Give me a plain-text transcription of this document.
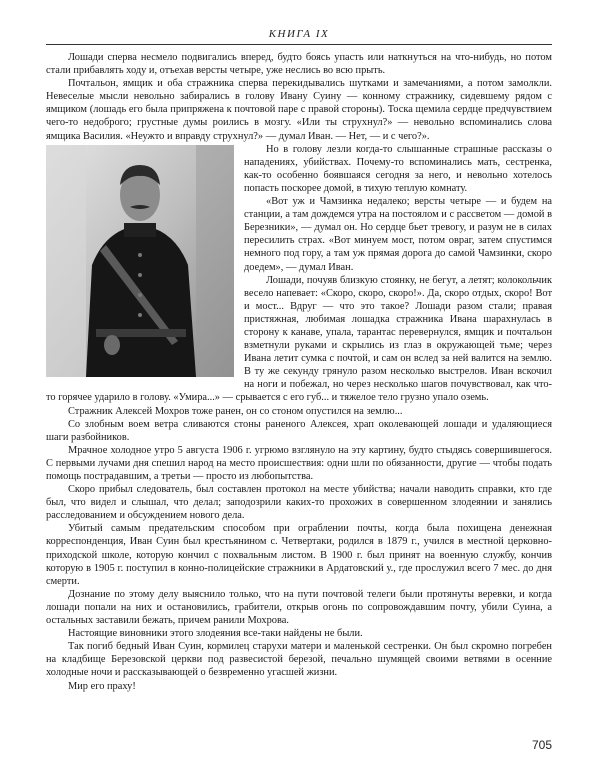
КНИГА IX

Лошади сперва несмело подвигались вперед, будто боясь упасть или наткнуться на что-нибудь, но потом стали прибавлять ходу и, отъехав версты четыре, уже неслись во всю прыть.

Почтальон, ямщик и оба стражника сперва перекидывались шутками и замечаниями, а потом замолкли. Невеселые мысли невольно забирались в голову Ивану Суину — конному стражнику, сидевшему рядом с ямщиком (лошадь его была припряжена к почтовой паре с правой стороны). Тоска щемила сердце предчувствием чего-то недоброго; грустные думы роились в мозгу. «Или ты струхнул?» — невольно вспоминались слова ямщика Василия. «Неужто и вправду струхнул?» — думал Иван. — Нет, — и с чего?».

Но в голову лезли когда-то слышанные страшные рассказы о нападениях, убийствах. Почему-то вспоминались мать, сестренка, как-то особенно боявшаяся сегодня за него, и невольно хотелось попасть поскорее домой, в тихую теплую комнату.

«Вот уж и Чамзинка недалеко; версты четыре — и будем на станции, а там дождемся утра на постоялом и с рассветом — домой в Березники», — думал он. Но сердце бьет тревогу, и разум не в силах пересилить страх. «Вот минуем мост, потом овраг, затем спустимся немного под гору, а там уж прямая дорога до самой Чамзинки, скоро доедем», — думал Иван.

Лошади, почуяв близкую стоянку, не бегут, а летят; колокольчик весело напевает: «Скоро, скоро, скоро!». Да, скоро отдых, скоро! Вот и мост... Вдруг — что это такое? Лошади разом стали; правая пристяжная, любимая лошадка стражника Ивана шарахнулась в сторону к канаве, упала, тарантас перевернулся, ямщик и почтальон взметнули руками и скрылись из глаз в окружающей тьме; через Ивана летит сумка с почтой, и сам он вслед за ней валится на землю. В ту же секунду грянуло разом несколько выстрелов. Иван вскочил на ноги и побежал, но через несколько шагов почувствовал, как что-то горячее ударило в голову. «Умира...» — срывается с его губ... и тяжелое тело грузно упало оземь.

Стражник Алексей Мохров тоже ранен, он со стоном опустился на землю...

Со злобным воем ветра сливаются стоны раненого Алексея, храп околевающей лошади и удаляющиеся шаги разбойников.

Мрачное холодное утро 5 августа 1906 г. угрюмо взглянуло на эту картину, будто стыдясь совершившегося. С первыми лучами дня спешил народ на место происшествия: одни шли по обязанности, другие — чтобы подать помощь пострадавшим, а третьи — просто из любопытства.

Скоро прибыл следователь, был составлен протокол на месте убийства; начали наводить справки, кто где был, что видел и слышал, что делал; заподозрили каких-то прохожих в совершенном злодеянии и занялись расследованием и обсуждением нового дела.

Убитый самым предательским способом при ограблении почты, когда была похищена денежная корреспонденция, Иван Суин был крестьянином с. Четвертаки, родился в 1879 г., учился в местной церковно-приходской школе, которую кончил с похвальным листом. В 1900 г. был принят на военную службу, кончив которую в 1905 г. поступил в конно-полицейские стражники в Ардатовский у., где прослужил всего 7 мес. до дня смерти.

Дознание по этому делу выяснило только, что на пути почтовой телеги были протянуты веревки, и когда лошади попали на них и остановились, грабители, открыв огонь по сопровождавшим почту, убили Суина, а остальных заставили бежать, причем ранили Мохрова.

Настоящие виновники этого злодеяния все-таки найдены не были.

Так погиб бедный Иван Суин, кормилец старухи матери и маленькой сестренки. Он был скромно погребен на кладбище Березовской церкви под развесистой березой, печально шумящей своими ветвями в осенние холодные ночи и рассказывающей о безвременно угасшей жизни.

Мир его праху!

705
